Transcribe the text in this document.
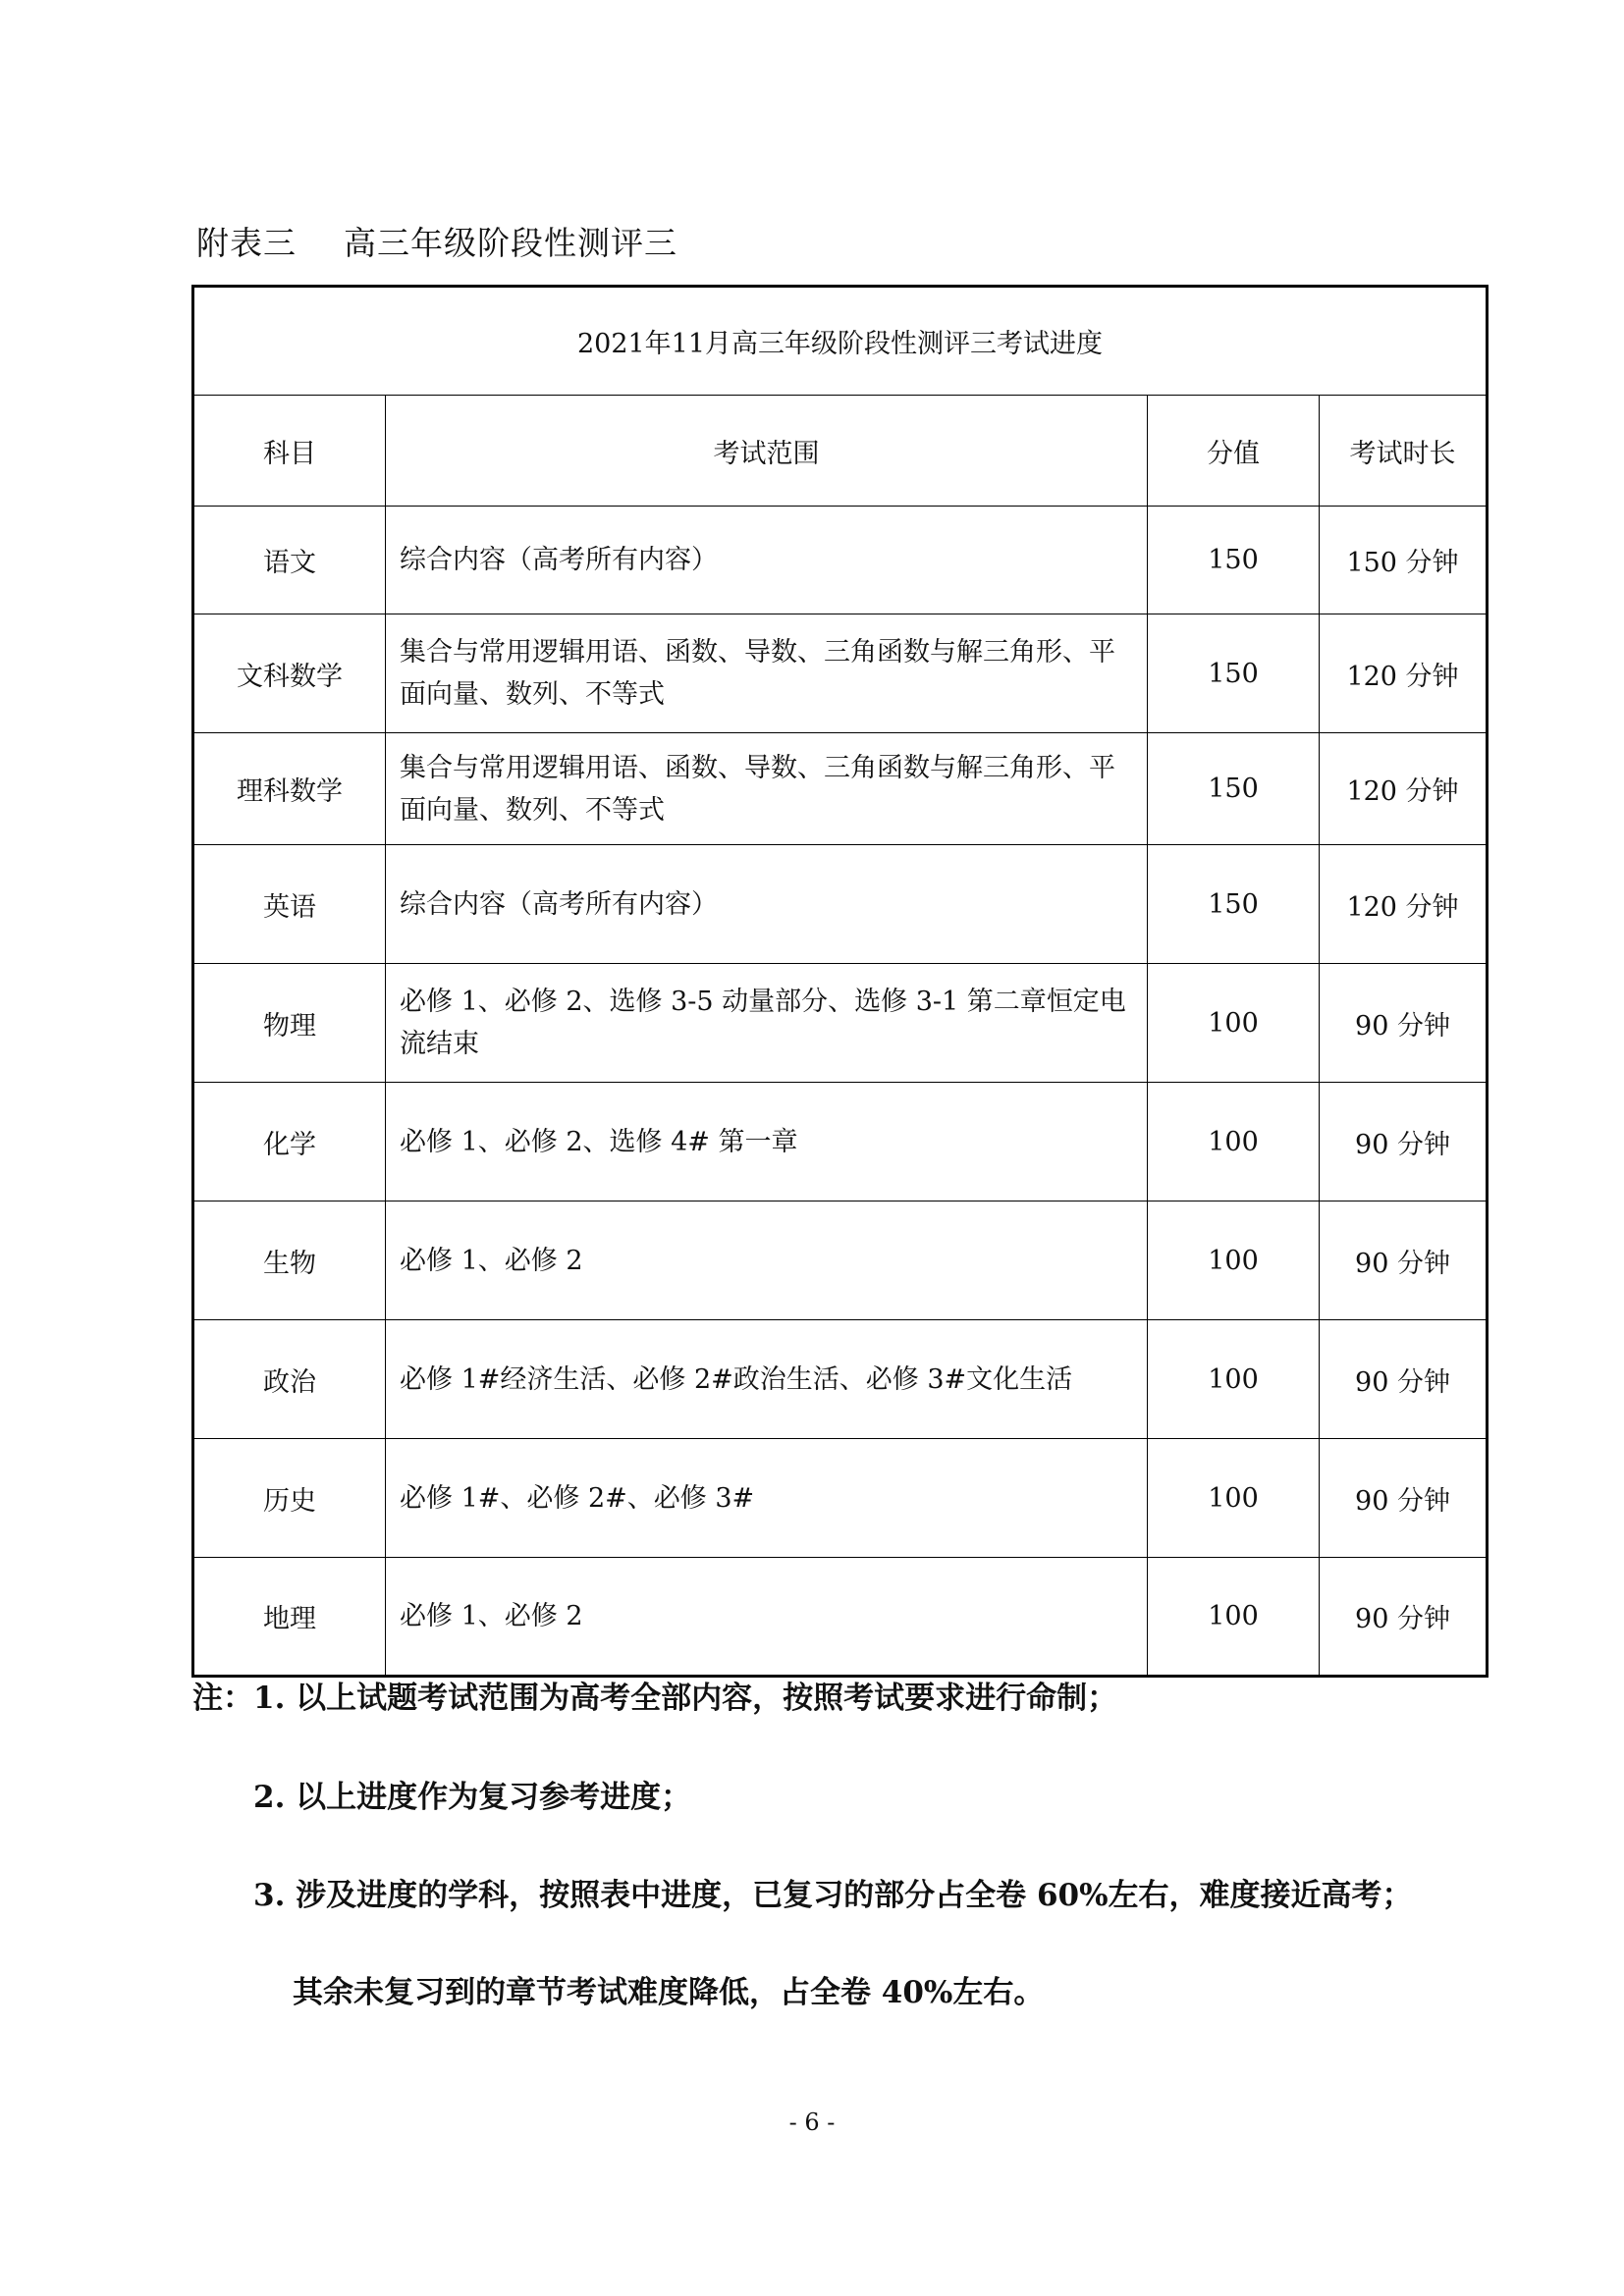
附表三 高三年级阶段性测评三
2021年11月高三年级阶段性测评三考试进度			
科目	考试范围	分值	考试时长
语文	综合内容（高考所有内容）	150	150 分钟
文科数学	集合与常用逻辑用语、函数、导数、三角函数与解三角形、平面向量、数列、不等式	150	120 分钟
理科数学	集合与常用逻辑用语、函数、导数、三角函数与解三角形、平面向量、数列、不等式	150	120 分钟
英语	综合内容（高考所有内容）	150	120 分钟
物理	必修 1、必修 2、选修 3-5 动量部分、选修 3-1 第二章恒定电流结束	100	90 分钟
化学	必修 1、必修 2、选修 4# 第一章	100	90 分钟
生物	必修 1、必修 2	100	90 分钟
政治	必修 1#经济生活、必修 2#政治生活、必修 3#文化生活	100	90 分钟
历史	必修 1#、必修 2#、必修 3#	100	90 分钟
地理	必修 1、必修 2	100	90 分钟
注：1. 以上试题考试范围为高考全部内容，按照考试要求进行命制；
2. 以上进度作为复习参考进度；
3. 涉及进度的学科，按照表中进度，已复习的部分占全卷 60%左右，难度接近高考；
其余未复习到的章节考试难度降低，占全卷 40%左右。
- 6 -
